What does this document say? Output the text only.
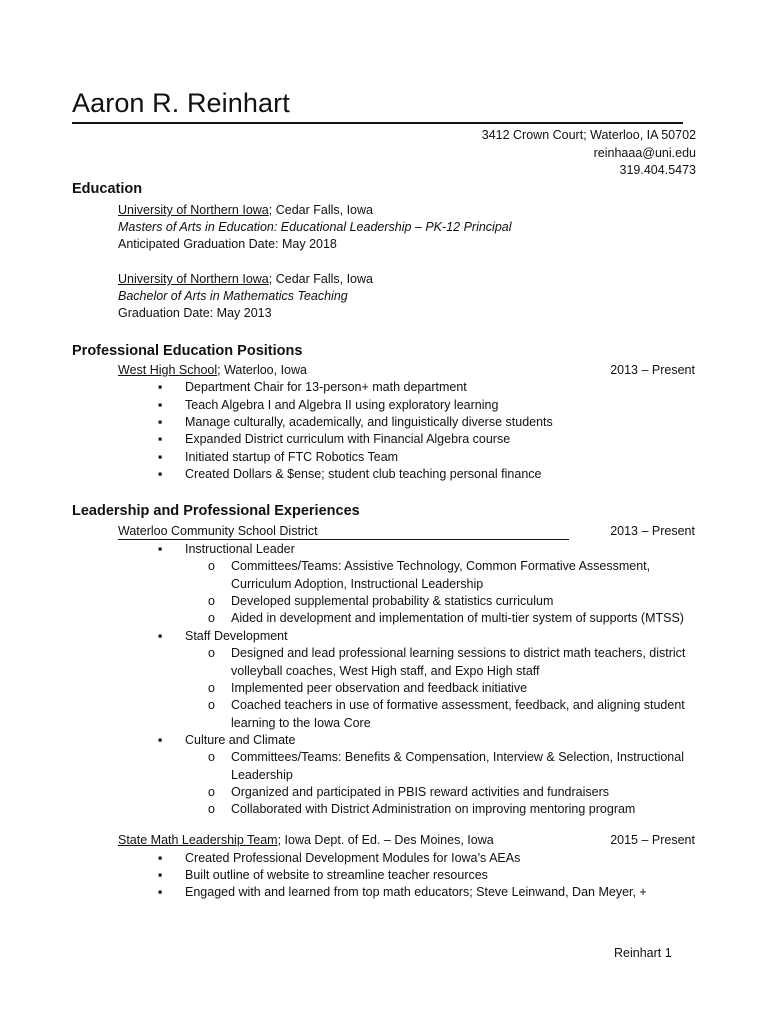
Aaron R. Reinhart
3412 Crown Court; Waterloo, IA 50702
reinhaaa@uni.edu
319.404.5473
Education
University of Northern Iowa; Cedar Falls, Iowa
Masters of Arts in Education: Educational Leadership – PK-12 Principal
Anticipated Graduation Date: May 2018
University of Northern Iowa; Cedar Falls, Iowa
Bachelor of Arts in Mathematics Teaching
Graduation Date: May 2013
Professional Education Positions
West High School; Waterloo, Iowa	2013 – Present
▪	Department Chair for 13-person+ math department
▪	Teach Algebra I and Algebra II using exploratory learning
▪	Manage culturally, academically, and linguistically diverse students
▪	Expanded District curriculum with Financial Algebra course
▪	Initiated startup of FTC Robotics Team
▪	Created Dollars & $ense; student club teaching personal finance
Leadership and Professional Experiences
Waterloo Community School District	2013 – Present
▪	Instructional Leader
o Committees/Teams: Assistive Technology, Common Formative Assessment,
Curriculum Adoption, Instructional Leadership
o Developed supplemental probability & statistics curriculum
o Aided in development and implementation of multi-tier system of supports (MTSS)
▪	Staff Development
o Designed and lead professional learning sessions to district math teachers, district
volleyball coaches, West High staff, and Expo High staff
o Implemented peer observation and feedback initiative
o Coached teachers in use of formative assessment, feedback, and aligning student
learning to the Iowa Core
▪	Culture and Climate
o Committees/Teams: Benefits & Compensation, Interview & Selection, Instructional
Leadership
o Organized and participated in PBIS reward activities and fundraisers
o Collaborated with District Administration on improving mentoring program
State Math Leadership Team; Iowa Dept. of Ed. – Des Moines, Iowa	2015 – Present
▪	Created Professional Development Modules for Iowa’s AEAs
▪	Built outline of website to streamline teacher resources
▪	Engaged with and learned from top math educators; Steve Leinwand, Dan Meyer, +
Reinhart 1
